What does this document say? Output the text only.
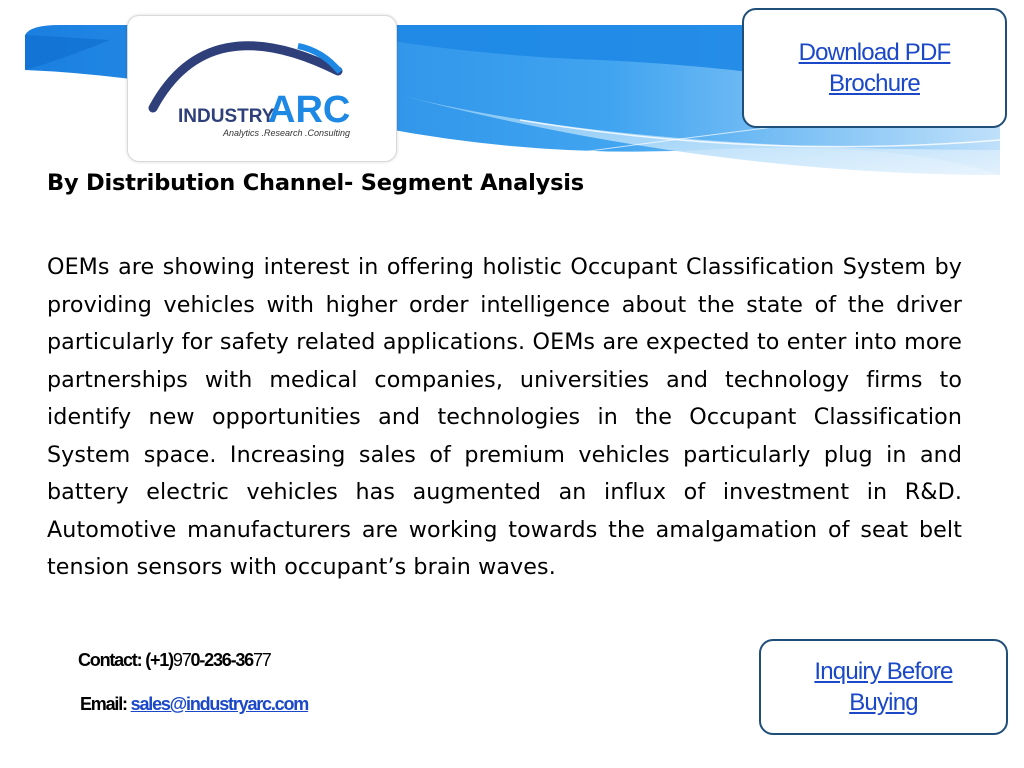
INDUSTRY
ARC
Analytics .Research .Consulting
Download PDF
Brochure
By Distribution Channel- Segment Analysis

OEMs are showing interest in offering holistic Occupant Classification System by providing vehicles with higher order intelligence about the state of the driver particularly for safety related applications. OEMs are expected to enter into more partnerships with medical companies, universities and technology firms to identify new opportunities and technologies in the Occupant Classification System space. Increasing sales of premium vehicles particularly plug in and battery electric vehicles has augmented an influx of investment in R&D. Automotive manufacturers are working towards the amalgamation of seat belt tension sensors with occupant’s brain waves.

Contact: (+1)970-236-3677

Email: sales@industryarc.com

Inquiry Before
Buying
